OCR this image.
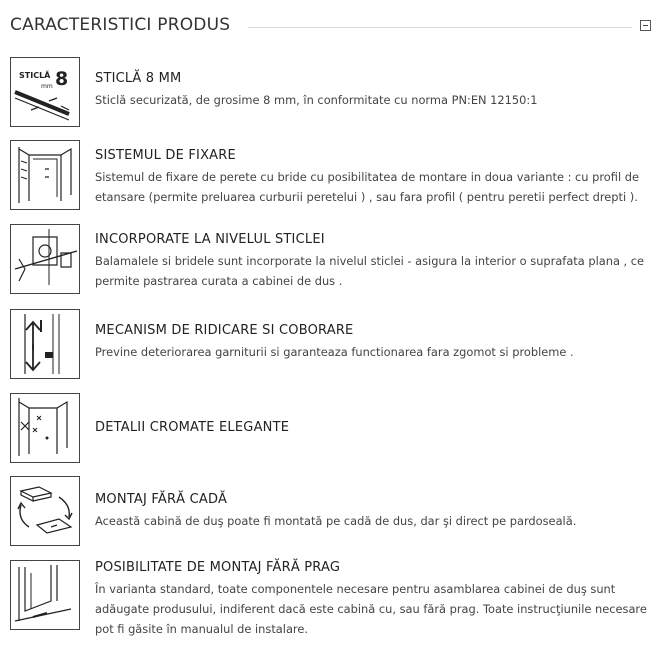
CARACTERISTICI PRODUS
STICLĂ 8
mm
STICLĂ 8 MM
Sticlă securizată, de grosime 8 mm, în conformitate cu norma PN:EN 12150:1
SISTEMUL DE FIXARE
Sistemul de fixare de perete cu bride cu posibilitatea de montare in doua variante : cu profil de etansare (permite preluarea curburii peretelui ) , sau fara profil ( pentru peretii perfect drepti ).
INCORPORATE LA NIVELUL STICLEI
Balamalele si bridele sunt incorporate la nivelul sticlei - asigura la interior o suprafata plana , ce permite pastrarea curata a cabinei de dus .
MECANISM DE RIDICARE SI COBORARE
Previne deteriorarea garniturii si garanteaza functionarea fara zgomot si probleme .
DETALII CROMATE ELEGANTE
MONTAJ FĂRĂ CADĂ
Această cabină de duş poate fi montată pe cadă de dus, dar şi direct pe pardoseală.
POSIBILITATE DE MONTAJ FĂRĂ PRAG
În varianta standard, toate componentele necesare pentru asamblarea cabinei de duş sunt adăugate produsului, indiferent dacă este cabină cu, sau fără prag. Toate instrucţiunile necesare pot fi găsite în manualul de instalare.
